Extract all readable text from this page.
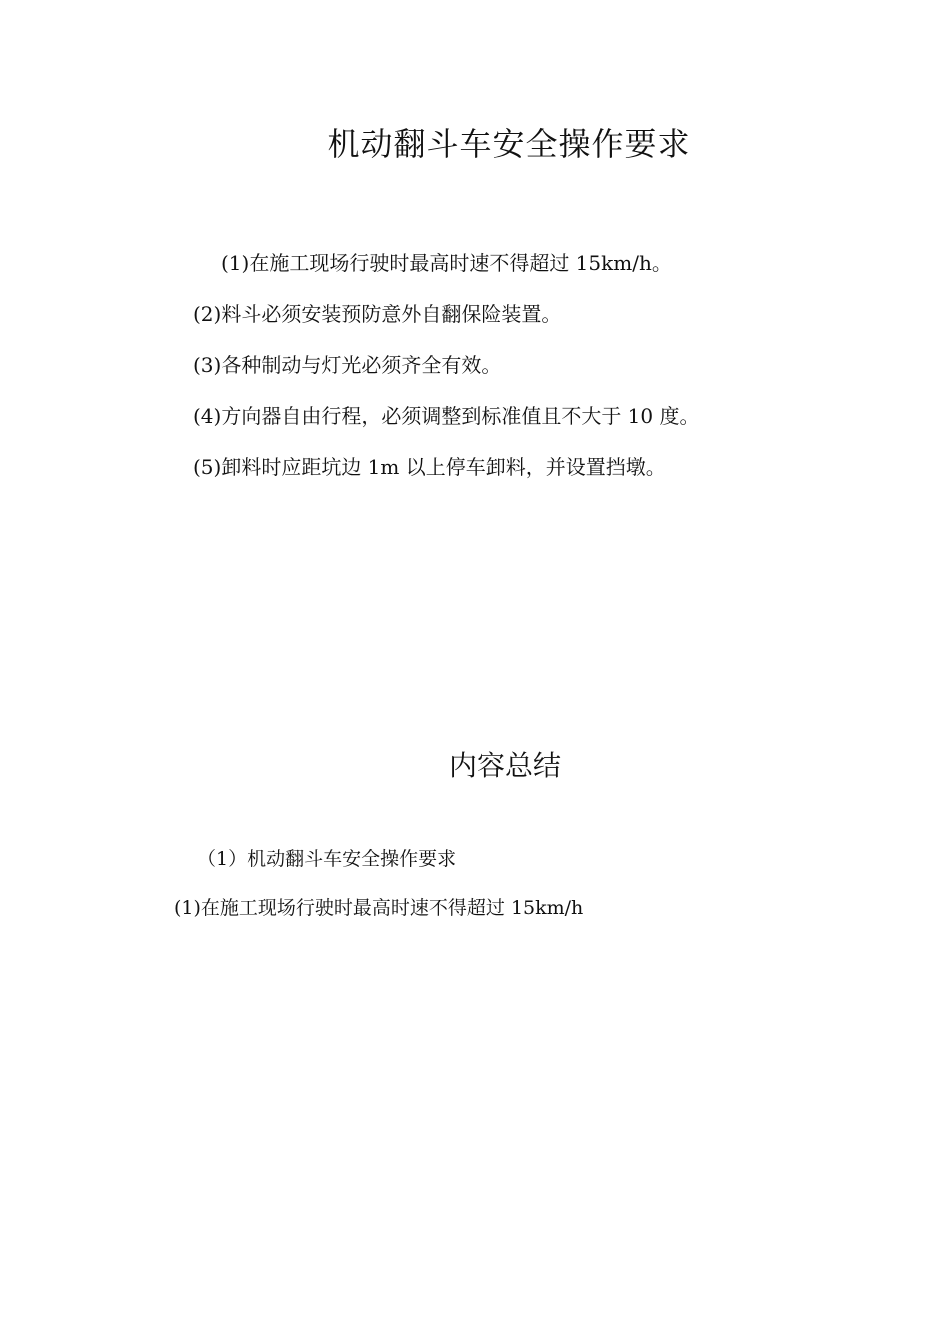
机动翻斗车安全操作要求
(1)在施工现场行驶时最高时速不得超过 15km/h。
(2)料斗必须安装预防意外自翻保险装置。
(3)各种制动与灯光必须齐全有效。
(4)方向器自由行程，必须调整到标准值且不大于 10 度。
(5)卸料时应距坑边 1m 以上停车卸料，并设置挡墩。
内容总结
（1）机动翻斗车安全操作要求
(1)在施工现场行驶时最高时速不得超过 15km/h
